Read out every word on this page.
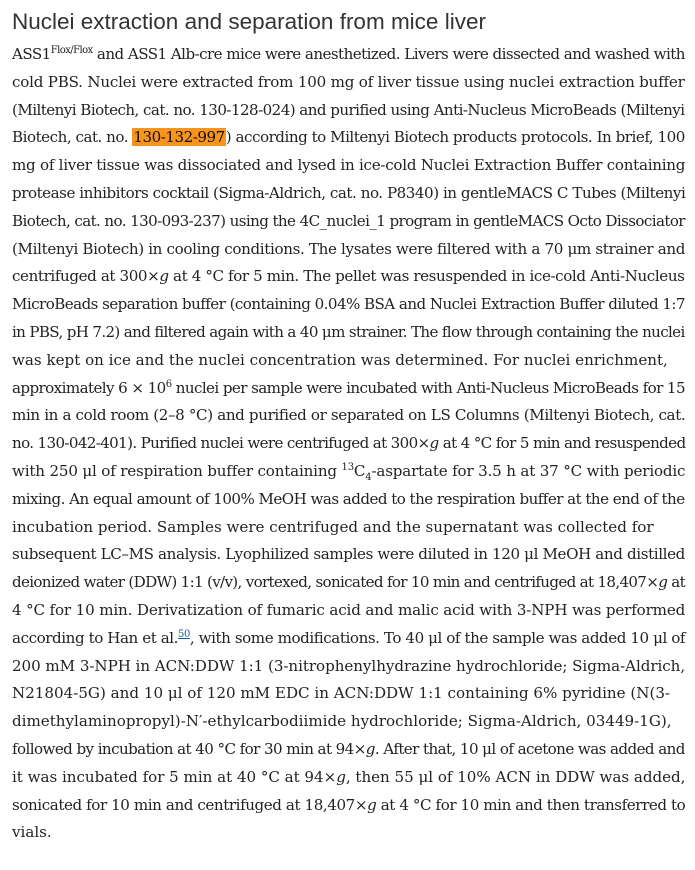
Nuclei extraction and separation from mice liver
$ASS1^{Flox/Flox}$ and ASS1 Alb-cre mice were anesthetized. Livers were dissected and washed with
cold PBS. Nuclei were extracted from 100 mg of liver tissue using nuclei extraction buffer
(Miltenyi Biotech, cat. no. 130-128-024) and purified using Anti-Nucleus MicroBeads (Miltenyi
Biotech, cat. no. 130-132-997) according to Miltenyi Biotech products protocols. In brief, 100
mg of liver tissue was dissociated and lysed in ice-cold Nuclei Extraction Buffer containing
protease inhibitors cocktail (Sigma-Aldrich, cat. no. P8340) in gentleMACS C Tubes (Miltenyi
Biotech, cat. no. 130-093-237) using the 4C_nuclei_1 program in gentleMACS Octo Dissociator
(Miltenyi Biotech) in cooling conditions. The lysates were filtered with a 70 μm strainer and
centrifuged at 300×g at 4 °C for 5 min. The pellet was resuspended in ice-cold Anti-Nucleus
MicroBeads separation buffer (containing 0.04% BSA and Nuclei Extraction Buffer diluted 1:7
in PBS, pH 7.2) and filtered again with a 40 μm strainer. The flow through containing the nuclei
was kept on ice and the nuclei concentration was determined. For nuclei enrichment,
approximately $6 \times 10^6$ nuclei per sample were incubated with Anti-Nucleus MicroBeads for 15
min in a cold room (2–8 °C) and purified or separated on LS Columns (Miltenyi Biotech, cat.
no. 130-042-401). Purified nuclei were centrifuged at 300×g at 4 °C for 5 min and resuspended
with 250 μl of respiration buffer containing $^{13}C_4$-aspartate for 3.5 h at 37 °C with periodic
mixing. An equal amount of 100% MeOH was added to the respiration buffer at the end of the
incubation period. Samples were centrifuged and the supernatant was collected for
subsequent LC–MS analysis. Lyophilized samples were diluted in 120 μl MeOH and distilled
deionized water (DDW) 1:1 (v/v), vortexed, sonicated for 10 min and centrifuged at 18,407×g at
4 °C for 10 min. Derivatization of fumaric acid and malic acid with 3-NPH was performed
according to Han et al.$^{50}$, with some modifications. To 40 μl of the sample was added 10 μl of
200 mM 3-NPH in ACN:DDW 1:1 (3-nitrophenylhydrazine hydrochloride; Sigma-Aldrich,
N21804-5G) and 10 μl of 120 mM EDC in ACN:DDW 1:1 containing 6% pyridine (N(3-
dimethylaminopropyl)-N′-ethylcarbodiimide hydrochloride; Sigma-Aldrich, 03449-1G),
followed by incubation at 40 °C for 30 min at 94×g. After that, 10 μl of acetone was added and
it was incubated for 5 min at 40 °C at 94×g, then 55 μl of 10% ACN in DDW was added,
sonicated for 10 min and centrifuged at 18,407×g at 4 °C for 10 min and then transferred to
vials.
